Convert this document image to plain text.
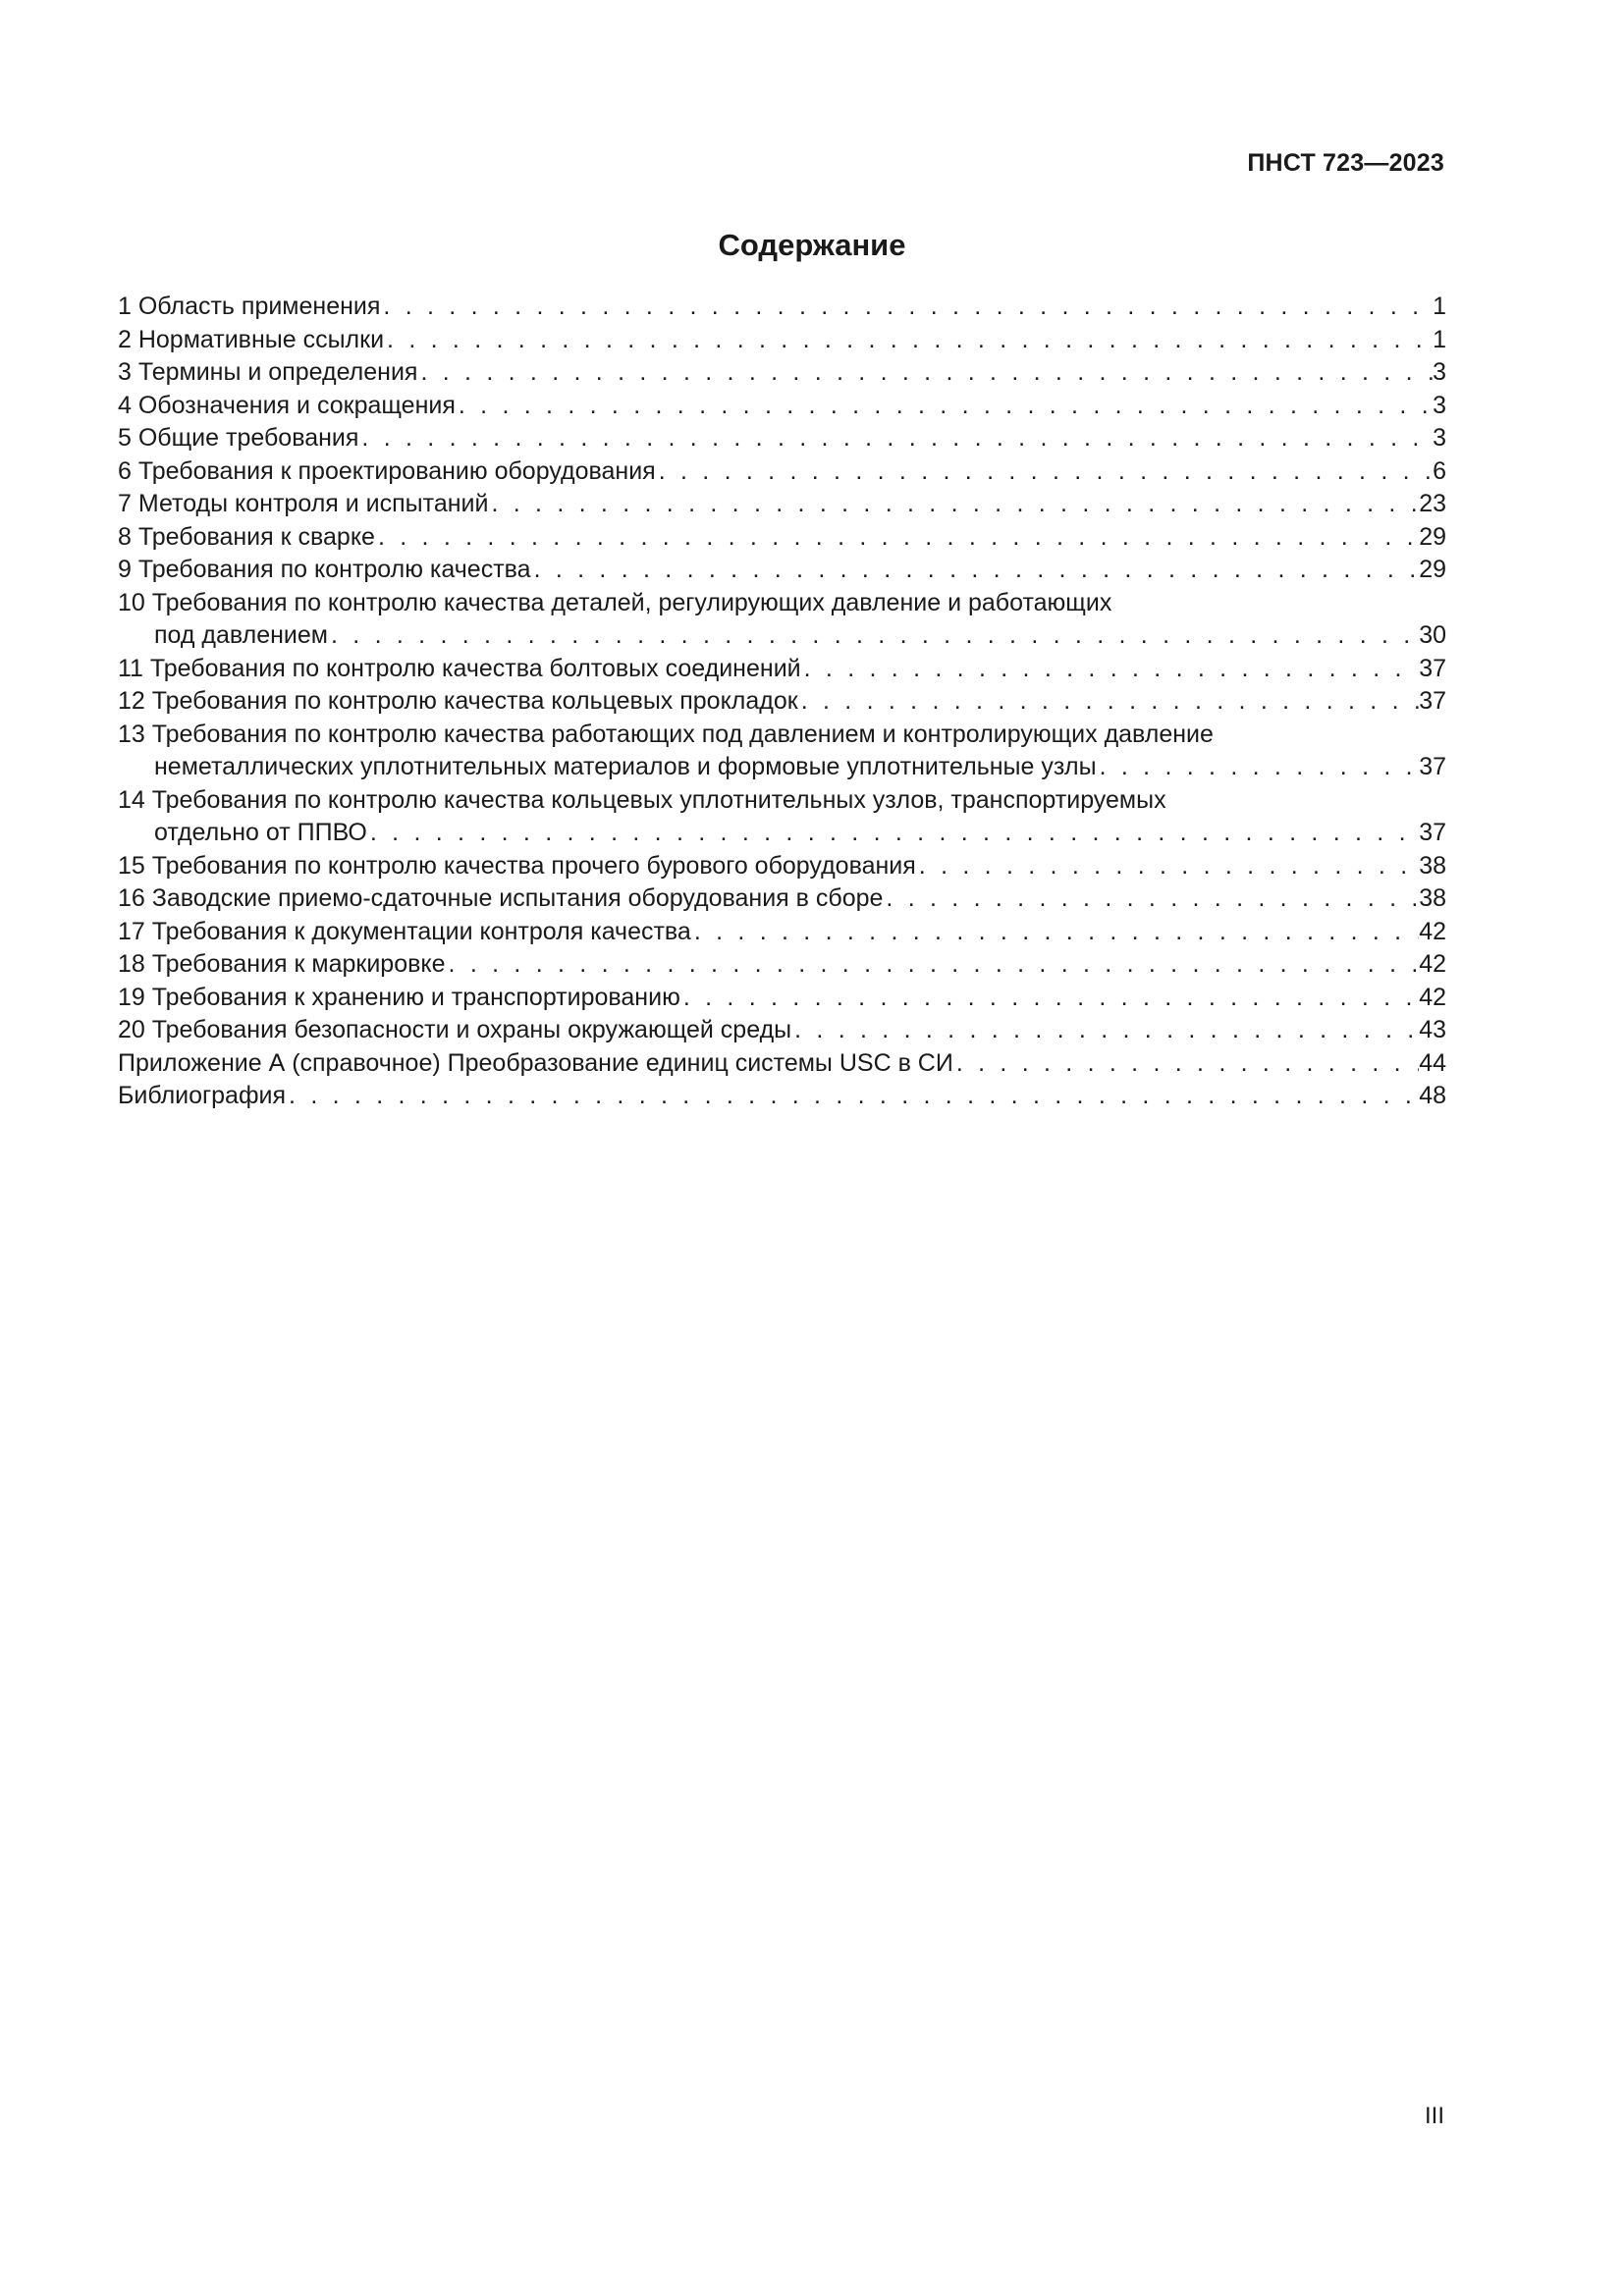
ПНСТ 723—2023
Содержание
1 Область применения . . .	1
2 Нормативные ссылки . . .	1
3 Термины и определения . . .	3
4 Обозначения и сокращения . . .	3
5 Общие требования . . .	3
6 Требования к проектированию оборудования . . .	6
7 Методы контроля и испытаний . . .	23
8 Требования к сварке . . .	29
9 Требования по контролю качества . . .	29
10 Требования по контролю качества деталей, регулирующих давление и работающих
под давлением . . .	30
11 Требования по контролю качества болтовых соединений . . .	37
12 Требования по контролю качества кольцевых прокладок . . .	37
13 Требования по контролю качества работающих под давлением и контролирующих давление
неметаллических уплотнительных материалов и формовые уплотнительные узлы . . .	37
14 Требования по контролю качества кольцевых уплотнительных узлов, транспортируемых
отдельно от ППВО . . .	37
15 Требования по контролю качества прочего бурового оборудования . . .	38
16 Заводские приемо-сдаточные испытания оборудования в сборе . . .	38
17 Требования к документации контроля качества . . .	42
18 Требования к маркировке . . .	42
19 Требования к хранению и транспортированию . . .	42
20 Требования безопасности и охраны окружающей среды . . .	43
Приложение А (справочное) Преобразование единиц системы USC в СИ . . .	44
Библиография . . .	48
III
